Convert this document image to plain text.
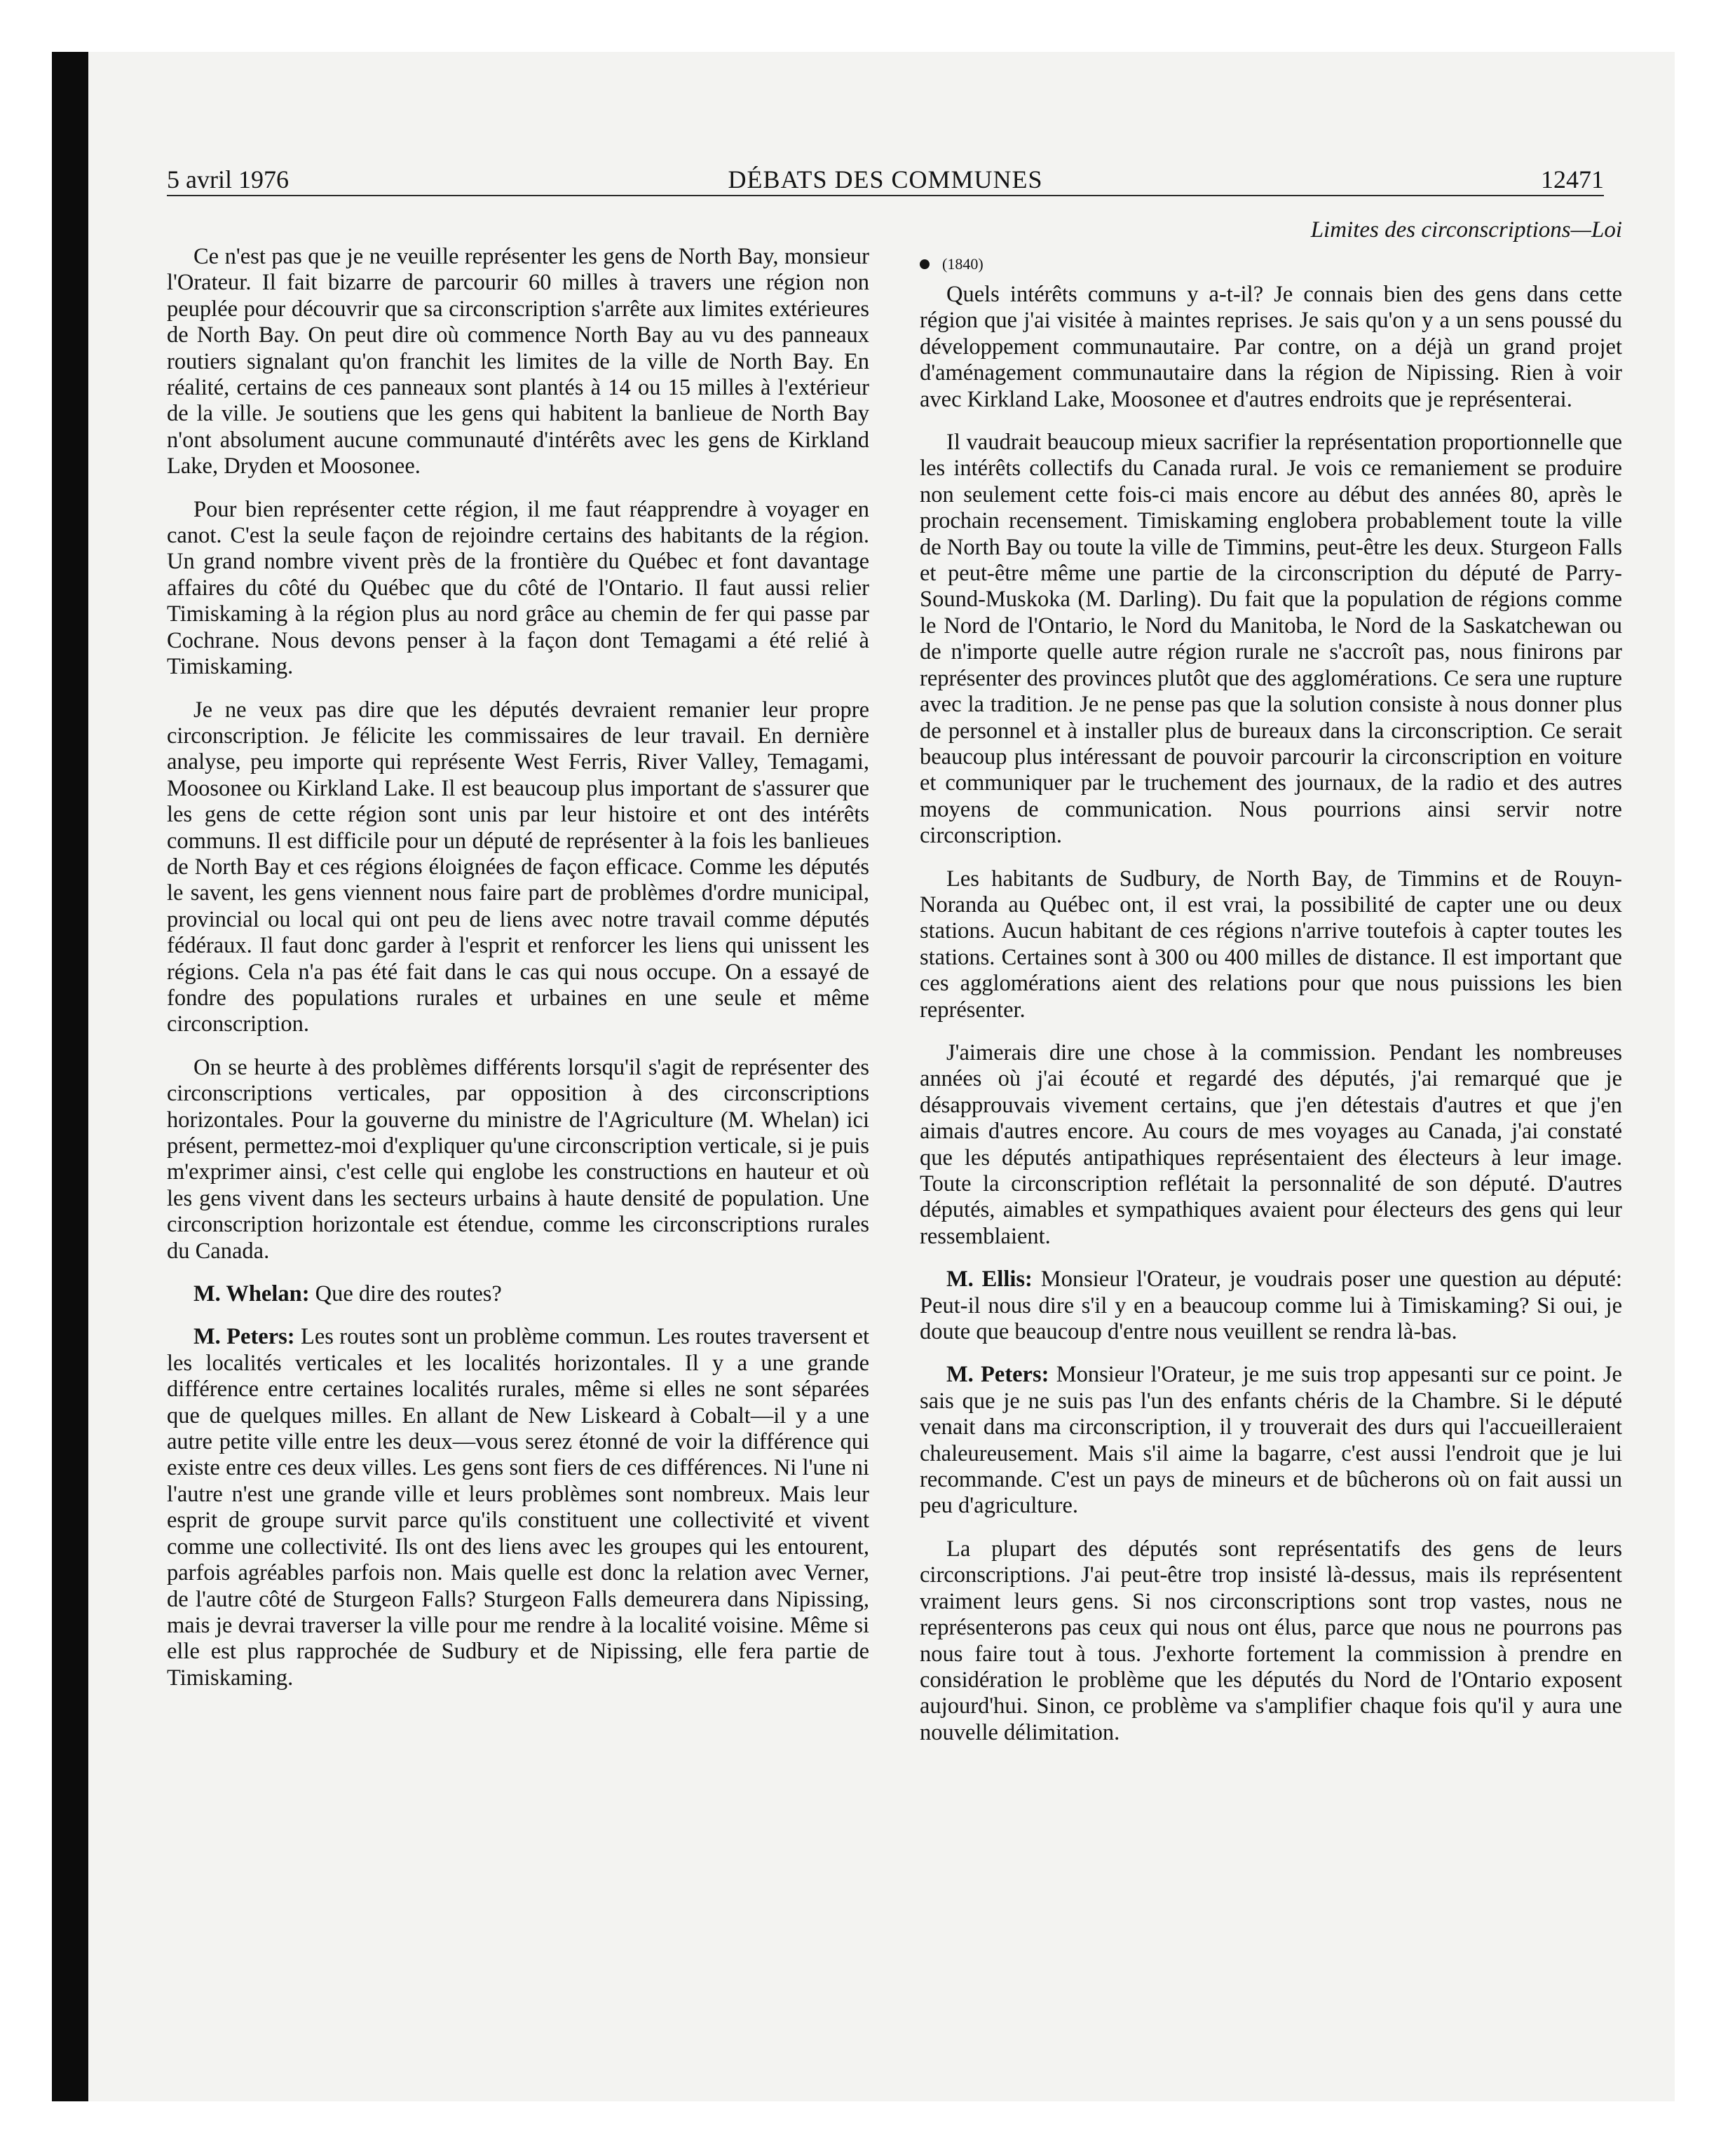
5 avril 1976	DÉBATS DES COMMUNES	12471

Ce n'est pas que je ne veuille représenter les gens de North Bay, monsieur l'Orateur. Il fait bizarre de parcourir 60 milles à travers une région non peuplée pour découvrir que sa circonscription s'arrête aux limites extérieures de North Bay. On peut dire où commence North Bay au vu des panneaux routiers signalant qu'on franchit les limites de la ville de North Bay. En réalité, certains de ces panneaux sont plantés à 14 ou 15 milles à l'extérieur de la ville. Je soutiens que les gens qui habitent la banlieue de North Bay n'ont absolument aucune communauté d'intérêts avec les gens de Kirkland Lake, Dryden et Moosonee.

Pour bien représenter cette région, il me faut réapprendre à voyager en canot. C'est la seule façon de rejoindre certains des habitants de la région. Un grand nombre vivent près de la frontière du Québec et font davantage affaires du côté du Québec que du côté de l'Ontario. Il faut aussi relier Timiskaming à la région plus au nord grâce au chemin de fer qui passe par Cochrane. Nous devons penser à la façon dont Temagami a été relié à Timiskaming.

Je ne veux pas dire que les députés devraient remanier leur propre circonscription. Je félicite les commissaires de leur travail. En dernière analyse, peu importe qui représente West Ferris, River Valley, Temagami, Moosonee ou Kirkland Lake. Il est beaucoup plus important de s'assurer que les gens de cette région sont unis par leur histoire et ont des intérêts communs. Il est difficile pour un député de représenter à la fois les banlieues de North Bay et ces régions éloignées de façon efficace. Comme les députés le savent, les gens viennent nous faire part de problèmes d'ordre municipal, provincial ou local qui ont peu de liens avec notre travail comme députés fédéraux. Il faut donc garder à l'esprit et renforcer les liens qui unissent les régions. Cela n'a pas été fait dans le cas qui nous occupe. On a essayé de fondre des populations rurales et urbaines en une seule et même circonscription.

On se heurte à des problèmes différents lorsqu'il s'agit de représenter des circonscriptions verticales, par opposition à des circonscriptions horizontales. Pour la gouverne du ministre de l'Agriculture (M. Whelan) ici présent, permettez-moi d'expliquer qu'une circonscription verticale, si je puis m'exprimer ainsi, c'est celle qui englobe les constructions en hauteur et où les gens vivent dans les secteurs urbains à haute densité de population. Une circonscription horizontale est étendue, comme les circonscriptions rurales du Canada.

M. Whelan: Que dire des routes?

M. Peters: Les routes sont un problème commun. Les routes traversent et les localités verticales et les localités horizontales. Il y a une grande différence entre certaines localités rurales, même si elles ne sont séparées que de quelques milles. En allant de New Liskeard à Cobalt—il y a une autre petite ville entre les deux—vous serez étonné de voir la différence qui existe entre ces deux villes. Les gens sont fiers de ces différences. Ni l'une ni l'autre n'est une grande ville et leurs problèmes sont nombreux. Mais leur esprit de groupe survit parce qu'ils constituent une collectivité et vivent comme une collectivité. Ils ont des liens avec les groupes qui les entourent, parfois agréables parfois non. Mais quelle est donc la relation avec Verner, de l'autre côté de Sturgeon Falls? Sturgeon Falls demeurera dans Nipissing, mais je devrai traverser la ville pour me rendre à la localité voisine. Même si elle est plus rapprochée de Sudbury et de Nipissing, elle fera partie de Timiskaming.

Limites des circonscriptions—Loi
(1840)

Quels intérêts communs y a-t-il? Je connais bien des gens dans cette région que j'ai visitée à maintes reprises. Je sais qu'on y a un sens poussé du développement communautaire. Par contre, on a déjà un grand projet d'aménagement communautaire dans la région de Nipissing. Rien à voir avec Kirkland Lake, Moosonee et d'autres endroits que je représenterai.

Il vaudrait beaucoup mieux sacrifier la représentation proportionnelle que les intérêts collectifs du Canada rural. Je vois ce remaniement se produire non seulement cette fois-ci mais encore au début des années 80, après le prochain recensement. Timiskaming englobera probablement toute la ville de North Bay ou toute la ville de Timmins, peut-être les deux. Sturgeon Falls et peut-être même une partie de la circonscription du député de Parry-Sound-Muskoka (M. Darling). Du fait que la population de régions comme le Nord de l'Ontario, le Nord du Manitoba, le Nord de la Saskatchewan ou de n'importe quelle autre région rurale ne s'accroît pas, nous finirons par représenter des provinces plutôt que des agglomérations. Ce sera une rupture avec la tradition. Je ne pense pas que la solution consiste à nous donner plus de personnel et à installer plus de bureaux dans la circonscription. Ce serait beaucoup plus intéressant de pouvoir parcourir la circonscription en voiture et communiquer par le truchement des journaux, de la radio et des autres moyens de communication. Nous pourrions ainsi servir notre circonscription.

Les habitants de Sudbury, de North Bay, de Timmins et de Rouyn-Noranda au Québec ont, il est vrai, la possibilité de capter une ou deux stations. Aucun habitant de ces régions n'arrive toutefois à capter toutes les stations. Certaines sont à 300 ou 400 milles de distance. Il est important que ces agglomérations aient des relations pour que nous puissions les bien représenter.

J'aimerais dire une chose à la commission. Pendant les nombreuses années où j'ai écouté et regardé des députés, j'ai remarqué que je désapprouvais vivement certains, que j'en détestais d'autres et que j'en aimais d'autres encore. Au cours de mes voyages au Canada, j'ai constaté que les députés antipathiques représentaient des électeurs à leur image. Toute la circonscription reflétait la personnalité de son député. D'autres députés, aimables et sympathiques avaient pour électeurs des gens qui leur ressemblaient.

M. Ellis: Monsieur l'Orateur, je voudrais poser une question au député: Peut-il nous dire s'il y en a beaucoup comme lui à Timiskaming? Si oui, je doute que beaucoup d'entre nous veuillent se rendra là-bas.

M. Peters: Monsieur l'Orateur, je me suis trop appesanti sur ce point. Je sais que je ne suis pas l'un des enfants chéris de la Chambre. Si le député venait dans ma circonscription, il y trouverait des durs qui l'accueilleraient chaleureusement. Mais s'il aime la bagarre, c'est aussi l'endroit que je lui recommande. C'est un pays de mineurs et de bûcherons où on fait aussi un peu d'agriculture.

La plupart des députés sont représentatifs des gens de leurs circonscriptions. J'ai peut-être trop insisté là-dessus, mais ils représentent vraiment leurs gens. Si nos circonscriptions sont trop vastes, nous ne représenterons pas ceux qui nous ont élus, parce que nous ne pourrons pas nous faire tout à tous. J'exhorte fortement la commission à prendre en considération le problème que les députés du Nord de l'Ontario exposent aujourd'hui. Sinon, ce problème va s'amplifier chaque fois qu'il y aura une nouvelle délimitation.
